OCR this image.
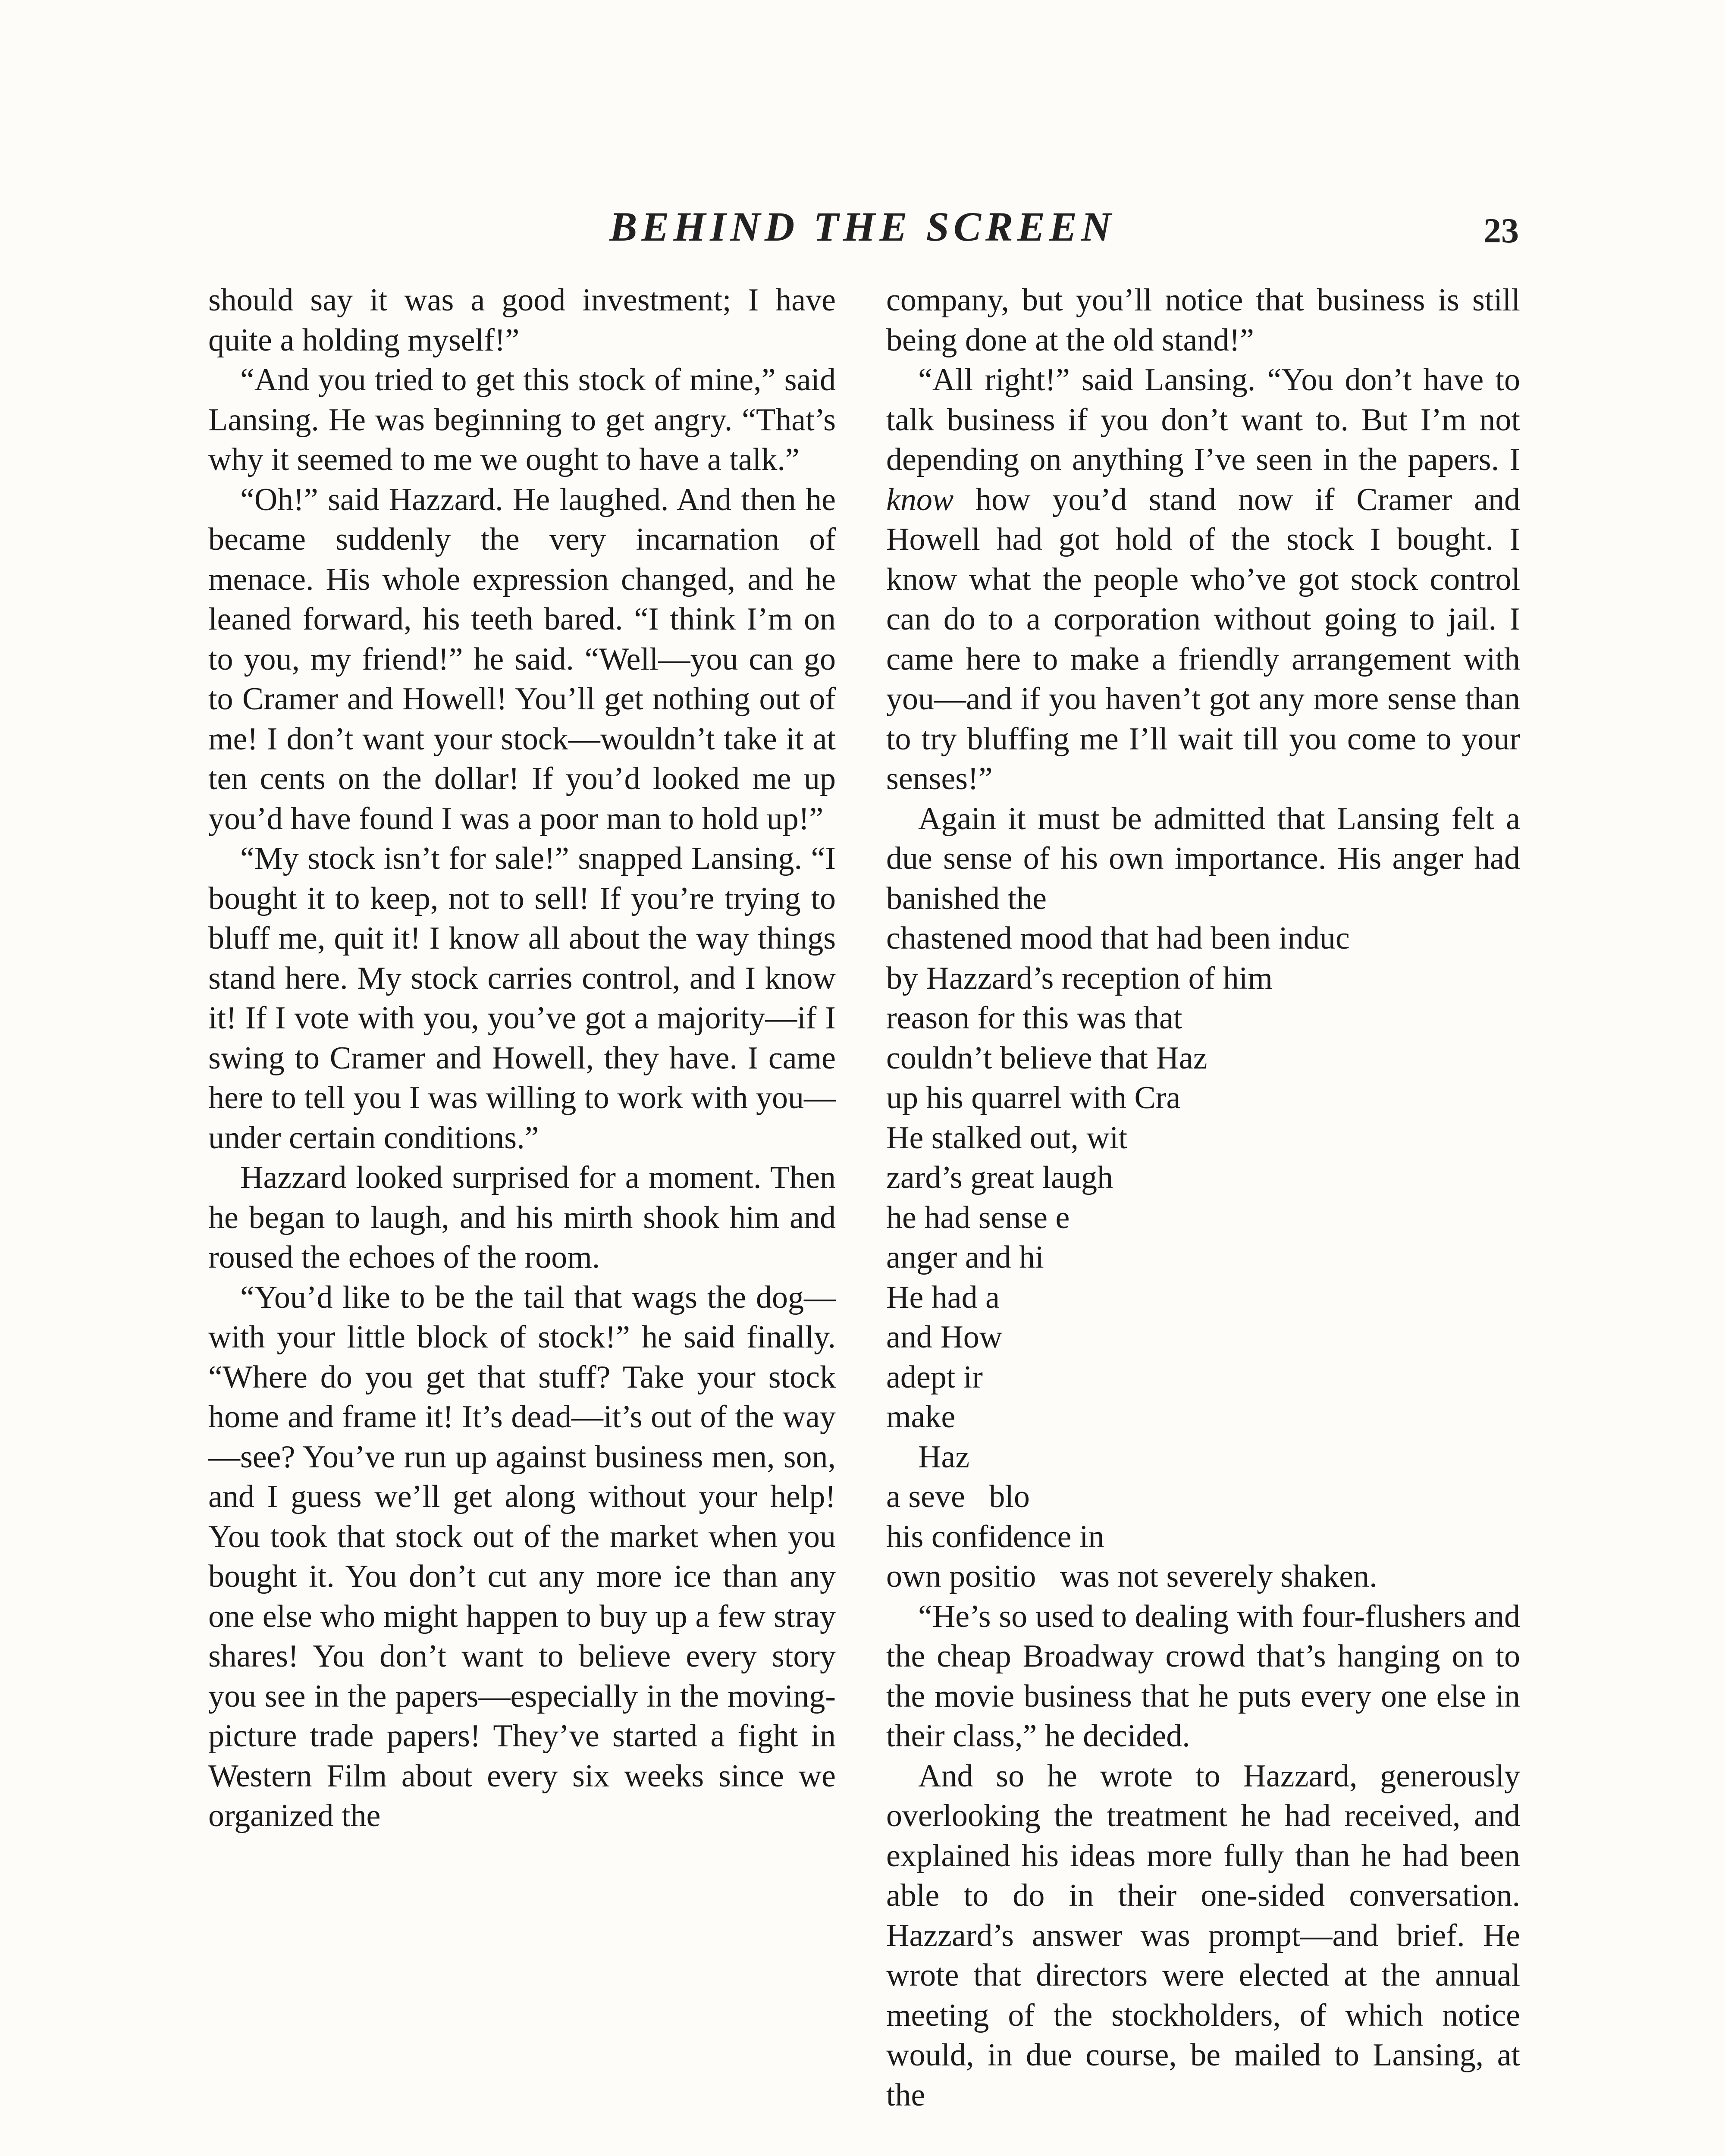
BEHIND THE SCREEN	23

should say it was a good investment; I have quite a holding myself!”

“And you tried to get this stock of mine,” said Lansing. He was beginning to get angry. “That’s why it seemed to me we ought to have a talk.”

“Oh!” said Hazzard. He laughed. And then he became suddenly the very incarnation of menace. His whole expression changed, and he leaned forward, his teeth bared. “I think I’m on to you, my friend!” he said. “Well—you can go to Cramer and Howell! You’ll get nothing out of me! I don’t want your stock—wouldn’t take it at ten cents on the dollar! If you’d looked me up you’d have found I was a poor man to hold up!”

“My stock isn’t for sale!” snapped Lansing. “I bought it to keep, not to sell! If you’re trying to bluff me, quit it! I know all about the way things stand here. My stock carries control, and I know it! If I vote with you, you’ve got a majority—if I swing to Cramer and Howell, they have. I came here to tell you I was willing to work with you—under certain conditions.”

Hazzard looked surprised for a moment. Then he began to laugh, and his mirth shook him and roused the echoes of the room.

“You’d like to be the tail that wags the dog—with your little block of stock!” he said finally. “Where do you get that stuff? Take your stock home and frame it! It’s dead—it’s out of the way—see? You’ve run up against business men, son, and I guess we’ll get along without your help! You took that stock out of the market when you bought it. You don’t cut any more ice than any one else who might happen to buy up a few stray shares! You don’t want to believe every story you see in the papers—especially in the moving-picture trade papers! They’ve started a fight in Western Film about every six weeks since we organized the

company, but you’ll notice that business is still being done at the old stand!”

“All right!” said Lansing. “You don’t have to talk business if you don’t want to. But I’m not depending on anything I’ve seen in the papers. I know how you’d stand now if Cramer and Howell had got hold of the stock I bought. I know what the people who’ve got stock control can do to a corporation without going to jail. I came here to make a friendly arrangement with you—and if you haven’t got any more sense than to try bluffing me I’ll wait till you come to your senses!”

Again it must be admitted that Lansing felt a due sense of his own importance. His anger had banished the

chastened mood that had been induc
by Hazzard’s reception of him
reason for this was that
couldn’t believe that Haz
up his quarrel with Cra
He stalked out, wit
zard’s great laugh
he had sense e
anger and hi
He had a
and How
adept ir
make
Haz
a seve   blo
his confidence in
own positio   was not severely shaken.

“He’s so used to dealing with four-flushers and the cheap Broadway crowd that’s hanging on to the movie business that he puts every one else in their class,” he decided.

And so he wrote to Hazzard, generously overlooking the treatment he had received, and explained his ideas more fully than he had been able to do in their one-sided conversation. Hazzard’s answer was prompt—and brief. He wrote that directors were elected at the annual meeting of the stockholders, of which notice would, in due course, be mailed to Lansing, at the
